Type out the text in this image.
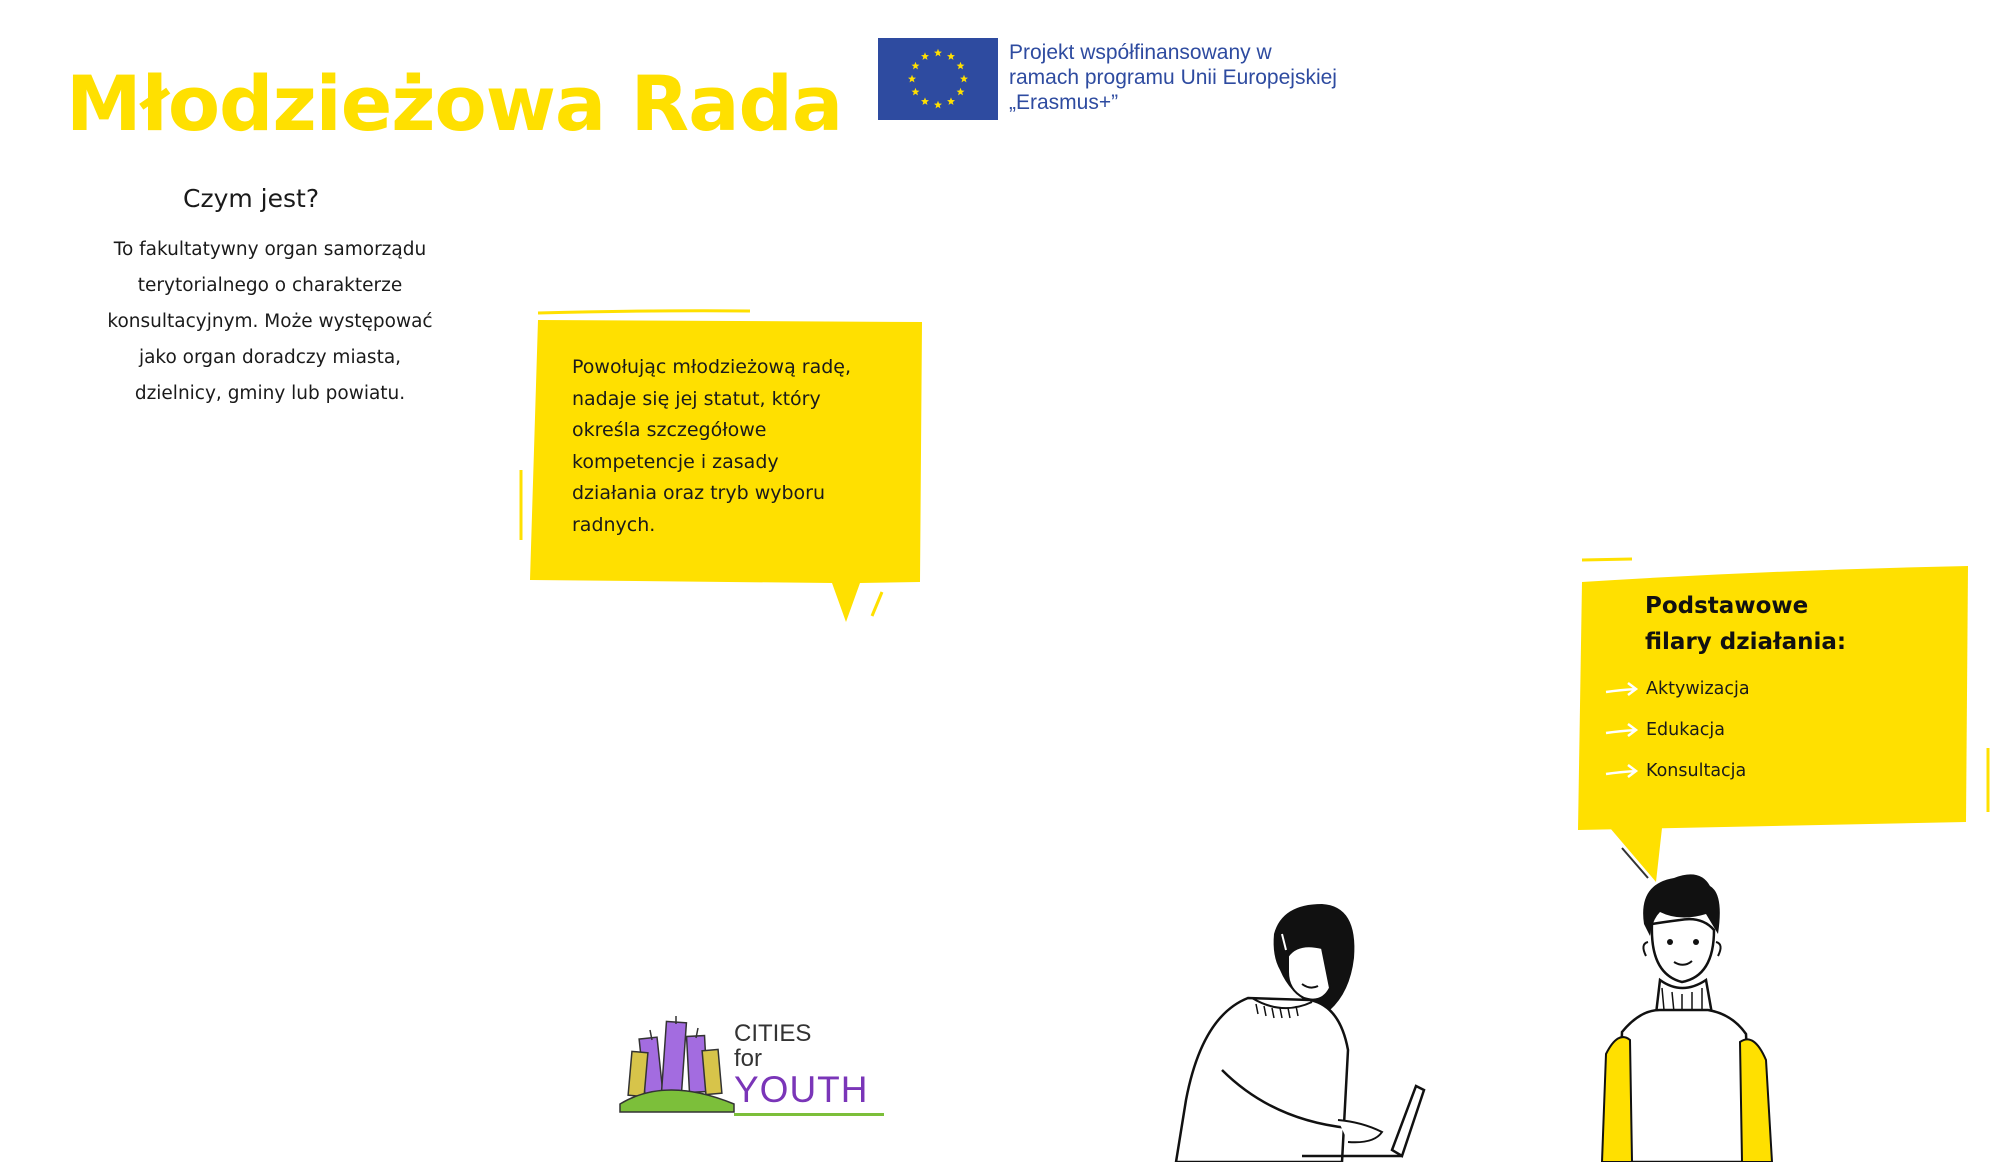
Młodzieżowa Rada
Projekt współfinansowany w
ramach programu Unii Europejskiej
„Erasmus+”
Czym jest?
To fakultatywny organ samorządu
terytorialnego o charakterze
konsultacyjnym. Może występować
jako organ doradczy miasta,
dzielnicy, gminy lub powiatu.
Powołując młodzieżową radę,
nadaje się jej statut, który
określa szczegółowe
kompetencje i zasady
działania oraz tryb wyboru
radnych.
Podstawowe
filary działania:
Aktywizacja
Edukacja
Konsultacja
CITIES
for
YOUTH
